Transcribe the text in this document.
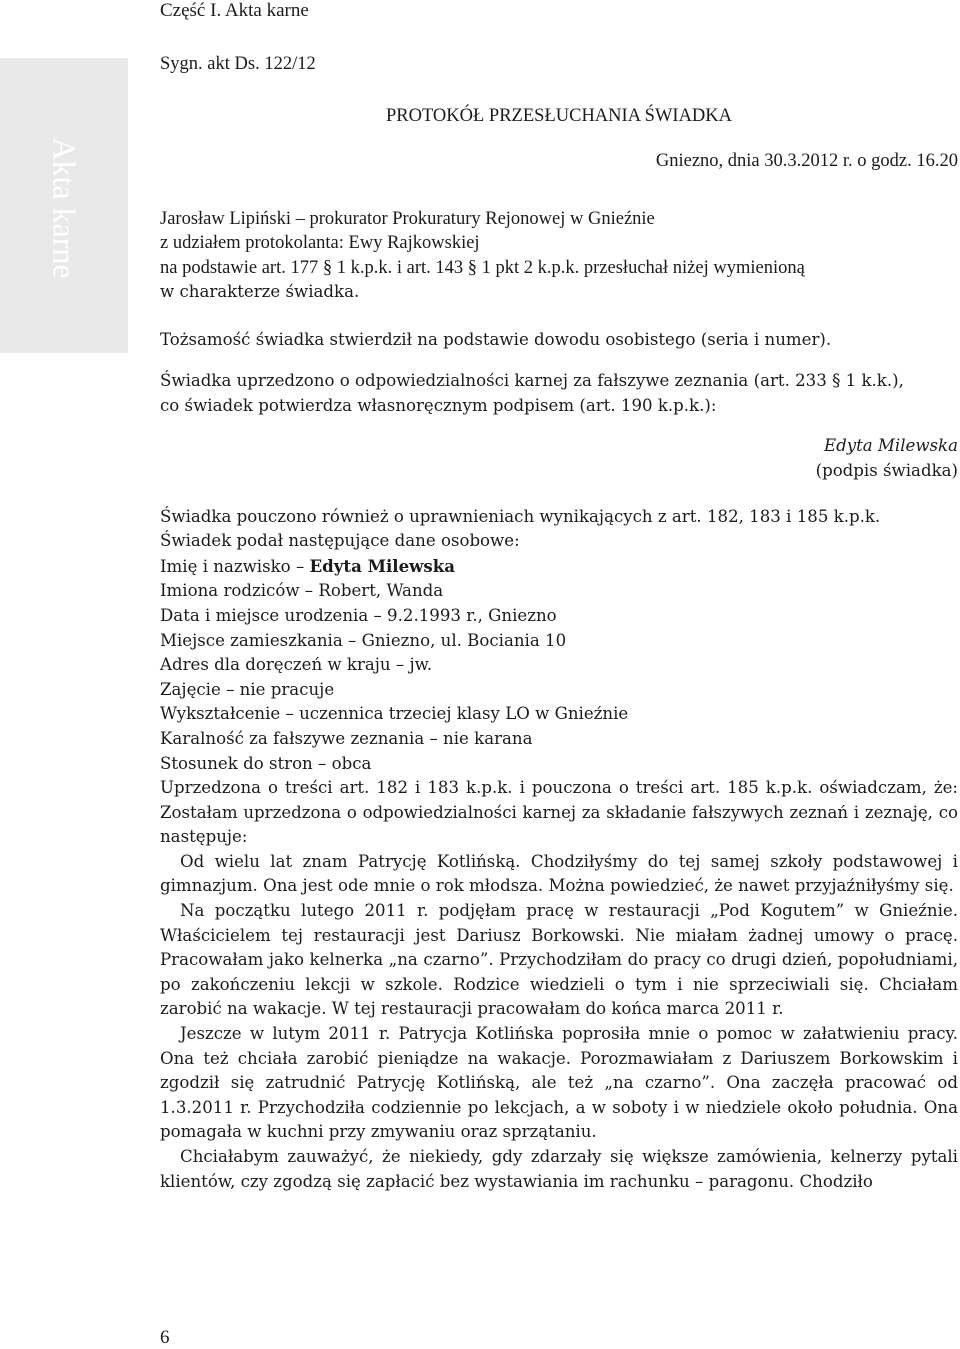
Akta karne

Część I. Akta karne

Sygn. akt Ds. 122/12

PROTOKÓŁ PRZESŁUCHANIA ŚWIADKA

Gniezno, dnia 30.3.2012 r. o godz. 16.20

Jarosław Lipiński – prokurator Prokuratury Rejonowej w Gnieźnie

z udziałem protokolanta: Ewy Rajkowskiej

na podstawie art. 177 § 1 k.p.k. i art. 143 § 1 pkt 2 k.p.k. przesłuchał niżej wymienioną

w charakterze świadka.

Tożsamość świadka stwierdził na podstawie dowodu osobistego (seria i numer).

Świadka uprzedzono o odpowiedzialności karnej za fałszywe zeznania (art. 233 § 1 k.k.),

co świadek potwierdza własnoręcznym podpisem (art. 190 k.p.k.):

Edyta Milewska

(podpis świadka)

Świadka pouczono również o uprawnieniach wynikających z art. 182, 183 i 185 k.p.k.

Świadek podał następujące dane osobowe:

Imię i nazwisko – Edyta Milewska

Imiona rodziców – Robert, Wanda

Data i miejsce urodzenia – 9.2.1993 r., Gniezno

Miejsce zamieszkania – Gniezno, ul. Bociania 10

Adres dla doręczeń w kraju – jw.

Zajęcie – nie pracuje

Wykształcenie – uczennica trzeciej klasy LO w Gnieźnie

Karalność za fałszywe zeznania – nie karana

Stosunek do stron – obca

Uprzedzona o treści art. 182 i 183 k.p.k. i pouczona o treści art. 185 k.p.k. oświadczam, że: Zostałam uprzedzona o odpowiedzialności karnej za składanie fałszywych zeznań i zeznaję, co następuje:

Od wielu lat znam Patrycję Kotlińską. Chodziłyśmy do tej samej szkoły podstawowej i gimnazjum. Ona jest ode mnie o rok młodsza. Można powiedzieć, że nawet przyjaźniłyśmy się.

Na początku lutego 2011 r. podjęłam pracę w restauracji „Pod Kogutem” w Gnieźnie. Właścicielem tej restauracji jest Dariusz Borkowski. Nie miałam żadnej umowy o pracę. Pracowałam jako kelnerka „na czarno”. Przychodziłam do pracy co drugi dzień, popołudniami, po zakończeniu lekcji w szkole. Rodzice wiedzieli o tym i nie sprzeciwiali się. Chciałam zarobić na wakacje. W tej restauracji pracowałam do końca marca 2011 r.

Jeszcze w lutym 2011 r. Patrycja Kotlińska poprosiła mnie o pomoc w załatwieniu pracy. Ona też chciała zarobić pieniądze na wakacje. Porozmawiałam z Dariuszem Borkowskim i zgodził się zatrudnić Patrycję Kotlińską, ale też „na czarno”. Ona zaczęła pracować od 1.3.2011 r. Przychodziła codziennie po lekcjach, a w soboty i w niedziele około południa. Ona pomagała w kuchni przy zmywaniu oraz sprzątaniu.

Chciałabym zauważyć, że niekiedy, gdy zdarzały się większe zamówienia, kelnerzy pytali klientów, czy zgodzą się zapłacić bez wystawiania im rachunku – paragonu. Chodziło

6
